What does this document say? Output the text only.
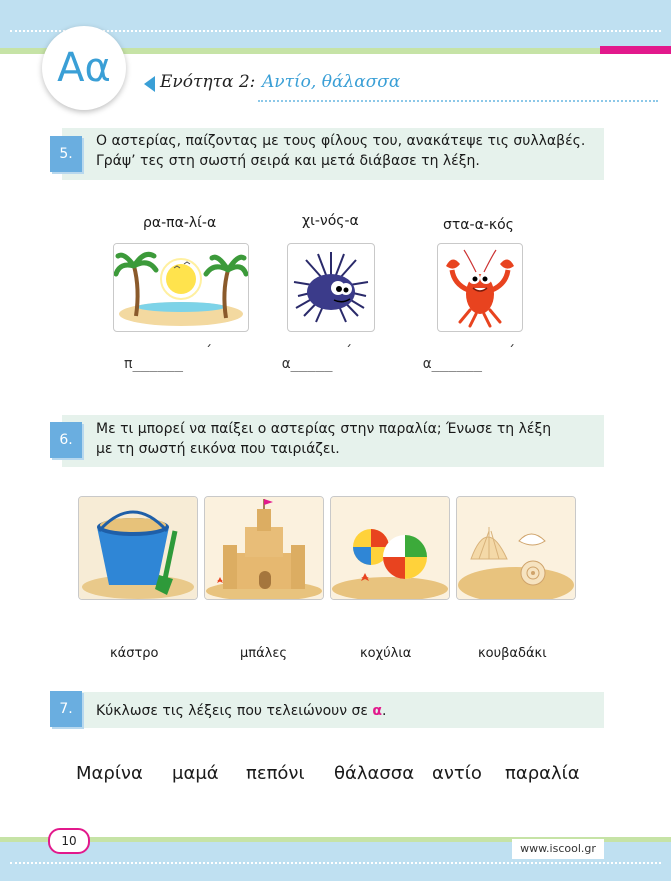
Αα	Ενότητα 2: Αντίο, θάλασσα
5.
Ο αστερίας, παίζοντας με τους φίλους του, ανακάτεψε τις συλλαβές.
Γράψ’ τες στη σωστή σειρά και μετά διάβασε τη λέξη.
ρα-πα-λί-α	χι-νός-α	στα-α-κός
´	´	´
π______	α_____	α______
6.
Με τι μπορεί να παίξει ο αστερίας στην παραλία; Ένωσε τη λέξη
με τη σωστή εικόνα που ταιριάζει.
κάστρο	μπάλες	κοχύλια	κουβαδάκι
7.	Κύκλωσε τις λέξεις που τελειώνουν σε α.
Μαρίνα μαμά πεπόνι θάλασσα αντίο παραλία
10
www.iscool.gr
